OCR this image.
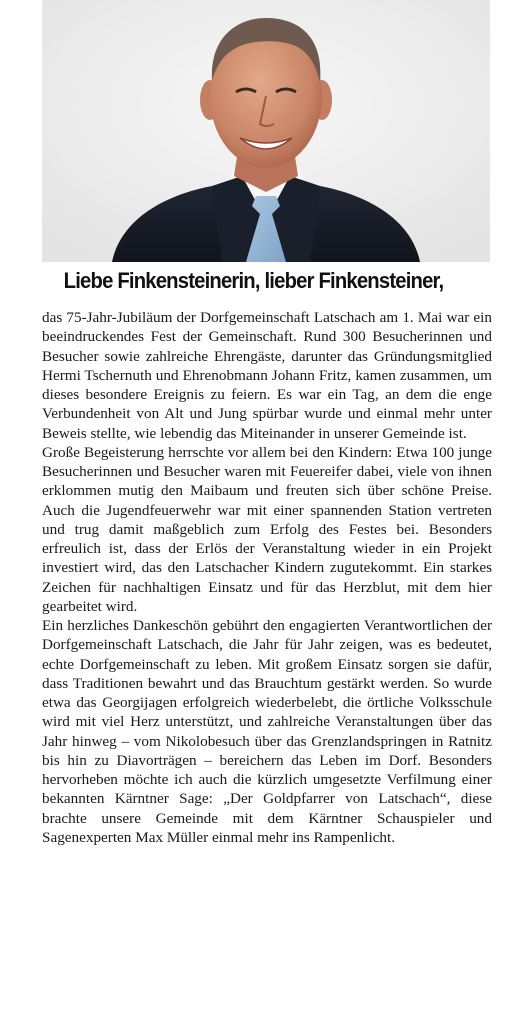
Liebe Finkensteinerin, lieber Finkensteiner,

das 75-Jahr-Jubiläum der Dorfgemeinschaft Latschach am 1. Mai war ein beeindruckendes Fest der Gemeinschaft. Rund 300 Besucherinnen und Besucher sowie zahlreiche Ehrengäste, darunter das Gründungsmitglied Hermi Tschernuth und Ehrenobmann Johann Fritz, kamen zusammen, um dieses besondere Ereignis zu feiern. Es war ein Tag, an dem die enge Verbundenheit von Alt und Jung spürbar wurde und einmal mehr unter Beweis stellte, wie lebendig das Miteinander in unserer Gemeinde ist.

Große Begeisterung herrschte vor allem bei den Kindern: Etwa 100 junge Besucherinnen und Besucher waren mit Feuereifer dabei, viele von ihnen erklommen mutig den Maibaum und freuten sich über schöne Preise. Auch die Jugendfeuerwehr war mit einer spannenden Station vertreten und trug damit maßgeblich zum Erfolg des Festes bei. Besonders erfreulich ist, dass der Erlös der Veranstaltung wieder in ein Projekt investiert wird, das den Latschacher Kindern zugutekommt. Ein starkes Zeichen für nachhaltigen Einsatz und für das Herzblut, mit dem hier gearbeitet wird.

Ein herzliches Dankeschön gebührt den engagierten Verantwortlichen der Dorfgemeinschaft Latschach, die Jahr für Jahr zeigen, was es bedeutet, echte Dorfgemeinschaft zu leben. Mit großem Einsatz sorgen sie dafür, dass Traditionen bewahrt und das Brauchtum gestärkt werden. So wurde etwa das Georgijagen erfolgreich wiederbelebt, die örtliche Volksschule wird mit viel Herz unterstützt, und zahlreiche Veranstaltungen über das Jahr hinweg – vom Nikolobesuch über das Grenzlandspringen in Ratnitz bis hin zu Diavorträgen – bereichern das Leben im Dorf. Besonders hervorheben möchte ich auch die kürzlich umgesetzte Verfilmung einer bekannten Kärntner Sage: „Der Goldpfarrer von Latschach“, diese brachte unsere Gemeinde mit dem Kärntner Schauspieler und Sagenexperten Max Müller einmal mehr ins Rampenlicht.
